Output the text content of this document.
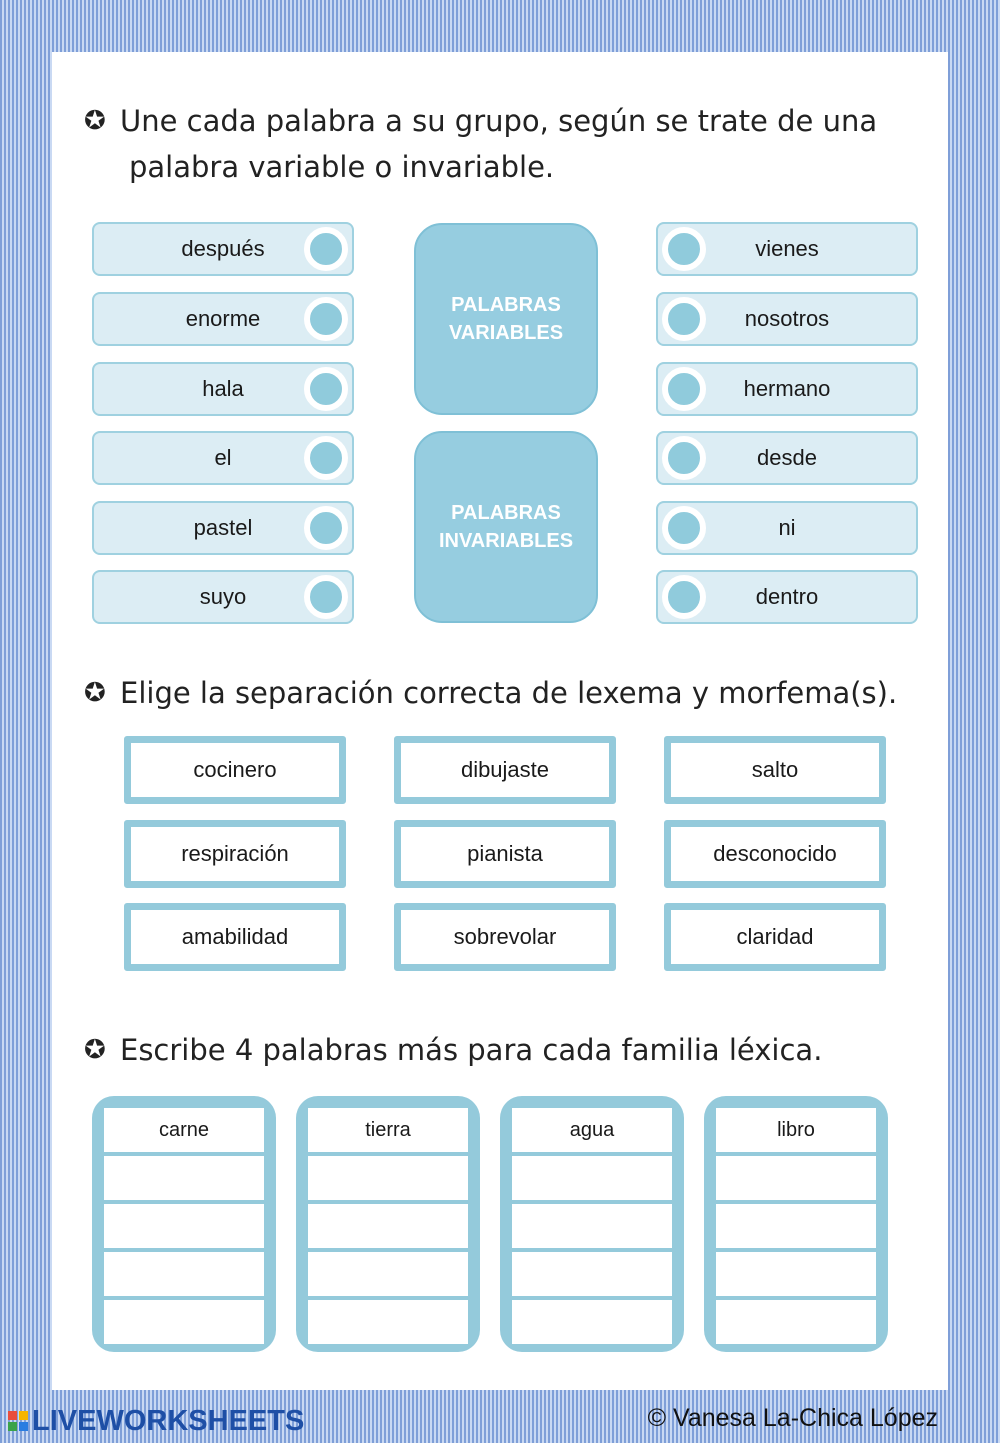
✪ Une cada palabra a su grupo, según se trate de una
palabra variable o invariable.
después
enorme
hala
el
pastel
suyo
PALABRAS
VARIABLES
PALABRAS
INVARIABLES
vienes
nosotros
hermano
desde
ni
dentro
✪ Elige la separación correcta de lexema y morfema(s).
cocinero	dibujaste	salto
respiración	pianista	desconocido
amabilidad	sobrevolar	claridad
✪ Escribe 4 palabras más para cada familia léxica.
carne	tierra	agua	libro
LIVEWORKSHEETS	© Vanesa La-Chica López
